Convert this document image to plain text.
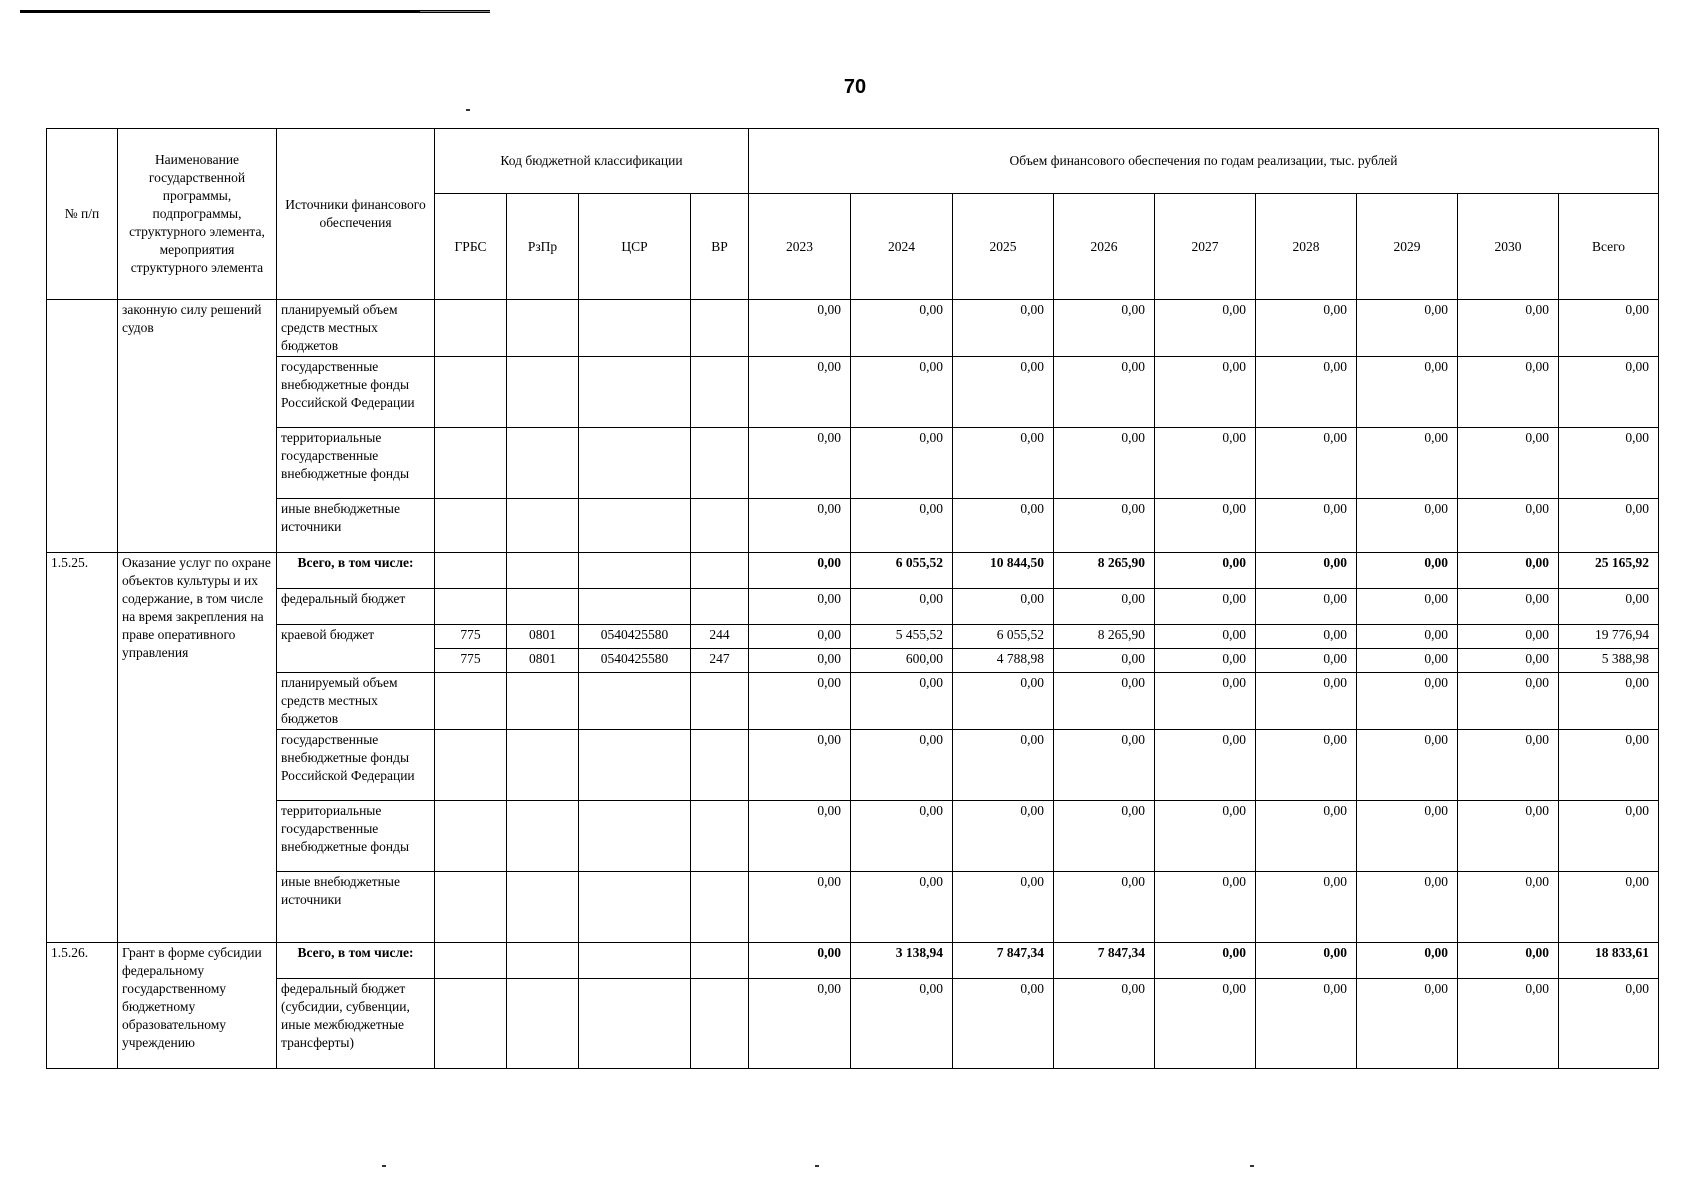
70
№ п/п	Наименование государственной программы, подпрограммы, структурного элемента, мероприятия структурного элемента	Источники финансового обеспечения	Код бюджетной классификации				Объем финансового обеспечения по годам реализации, тыс. рублей								
			ГРБС	РзПр	ЦСР	ВР	2023	2024	2025	2026	2027	2028	2029	2030	Всего
	законную силу решений судов	планируемый объем средств местных бюджетов					0,00	0,00	0,00	0,00	0,00	0,00	0,00	0,00	0,00
		государственные внебюджетные фонды Российской Федерации					0,00	0,00	0,00	0,00	0,00	0,00	0,00	0,00	0,00
		территориальные государственные внебюджетные фонды					0,00	0,00	0,00	0,00	0,00	0,00	0,00	0,00	0,00
		иные внебюджетные источники					0,00	0,00	0,00	0,00	0,00	0,00	0,00	0,00	0,00
1.5.25.	Оказание услуг по охране объектов культуры и их содержание, в том числе на время закрепления на праве оперативного управления	Всего, в том числе:					0,00	6 055,52	10 844,50	8 265,90	0,00	0,00	0,00	0,00	25 165,92
		федеральный бюджет					0,00	0,00	0,00	0,00	0,00	0,00	0,00	0,00	0,00
		краевой бюджет	775	0801	0540425580	244	0,00	5 455,52	6 055,52	8 265,90	0,00	0,00	0,00	0,00	19 776,94
			775	0801	0540425580	247	0,00	600,00	4 788,98	0,00	0,00	0,00	0,00	0,00	5 388,98
		планируемый объем средств местных бюджетов					0,00	0,00	0,00	0,00	0,00	0,00	0,00	0,00	0,00
		государственные внебюджетные фонды Российской Федерации					0,00	0,00	0,00	0,00	0,00	0,00	0,00	0,00	0,00
		территориальные государственные внебюджетные фонды					0,00	0,00	0,00	0,00	0,00	0,00	0,00	0,00	0,00
		иные внебюджетные источники					0,00	0,00	0,00	0,00	0,00	0,00	0,00	0,00	0,00
1.5.26.	Грант в форме субсидии федеральному государственному бюджетному образовательному учреждению	Всего, в том числе:					0,00	3 138,94	7 847,34	7 847,34	0,00	0,00	0,00	0,00	18 833,61
		федеральный бюджет (субсидии, субвенции, иные межбюджетные трансферты)					0,00	0,00	0,00	0,00	0,00	0,00	0,00	0,00	0,00
